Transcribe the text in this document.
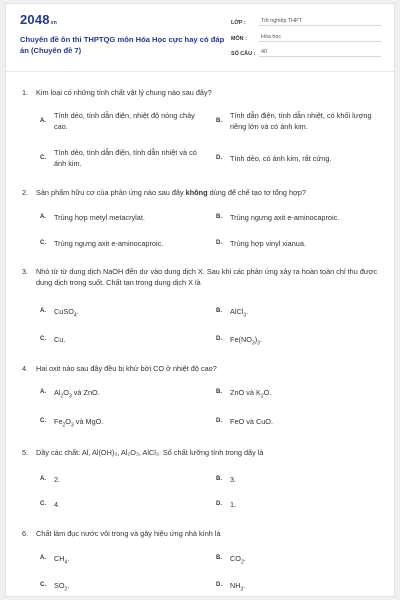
2048vn
Chuyên đề ôn thi THPTQG môn Hóa Học cực hay có đáp án (Chuyên đề 7)
LỚP :	Tốt nghiệp THPT
MÔN :	Hóa học
SỐ CÂU :	40
1.	Kim loại có những tính chất vật lý chung nào sau đây?
A.
Tính dẻo, tính dẫn điện, nhiệt độ nóng chảy cao.
B.
Tính dẫn điện, tính dẫn nhiệt, có khối lượng riêng lớn và có ánh kim.
C.
Tính dẻo, tính dẫn điện, tính dẫn nhiệt và có ánh kim.
D. Tính dẻo, có ánh kim, rất cứng.
2.	Sản phẩm hữu cơ của phản ứng nào sau đây không dùng để chế tạo tơ tổng hợp?
A. Trùng hợp metyl metacrylat.	B. Trùng ngưng axit e-aminocaproic.
C. Trùng ngưng axit e-aminocaproic.	D. Trùng hợp vinyl xianua.
3.	Nhỏ từ từ dung dịch NaOH đến dư vào dung dịch X. Sau khi các phản ứng xảy ra hoàn toàn chỉ thu được dung dịch trong suốt. Chất tan trong dung dịch X là
A. CuSO$_4$.	B. AlCl$_3$.
C. Cu.	D. $Fe(NO_3)_3$.
4.	Hai oxit nào sau đây đều bị khử bởi CO ở nhiệt độ cao?
A. $Al_2O_3$ và ZnO.	B. ZnO và $K_2O$.
C. $Fe_2O_3$ và MgO.	D. FeO và CuO.
5.	Dãy các chất: Al, Al(OH)₃, Al₂O₃, AlCl₃. Số chất lưỡng tính trong dãy là
A. 2.	B. 3.
C. 4.	D. 1.
6.	Chất làm đục nước vôi trong và gây hiệu ứng nhà kính là
A. $CH_4$.	B. $CO_2$.
C. $SO_2$.	D. $NH_3$.
